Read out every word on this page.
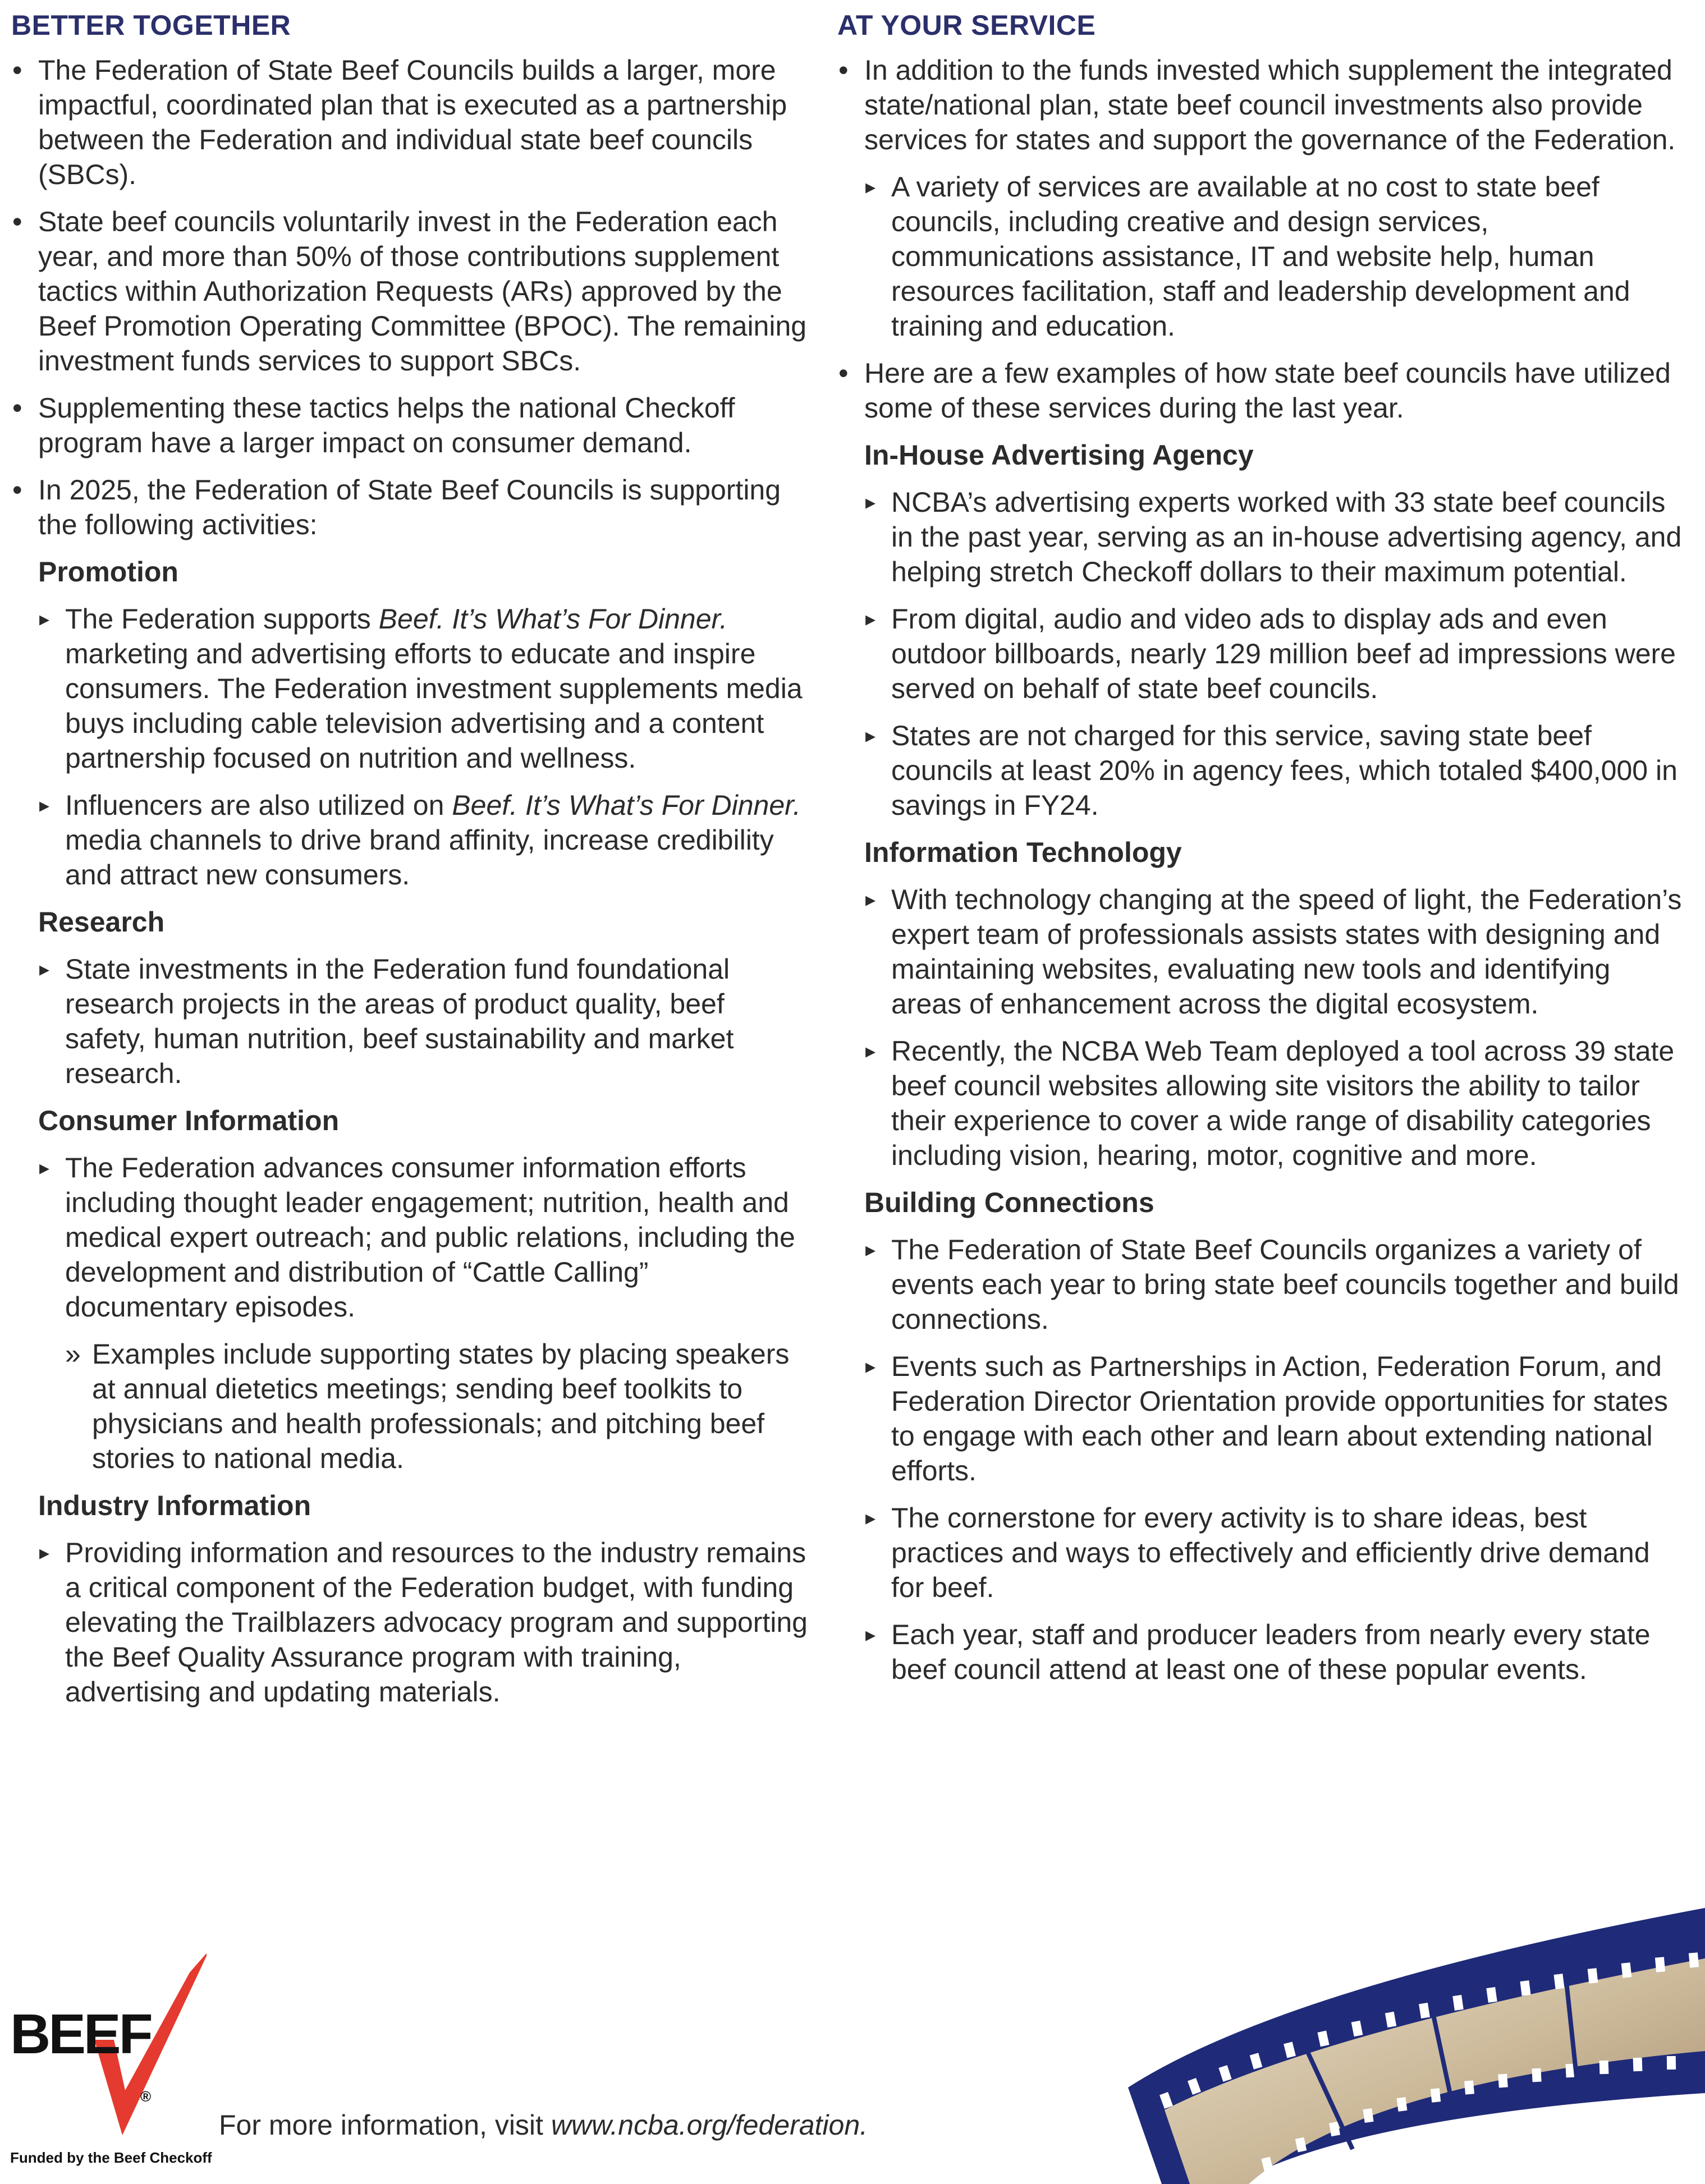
BETTER TOGETHER
• The Federation of State Beef Councils builds a larger, more impactful, coordinated plan that is executed as a partnership between the Federation and individual state beef councils (SBCs).
• State beef councils voluntarily invest in the Federation each year, and more than 50% of those contributions supplement tactics within Authorization Requests (ARs) approved by the Beef Promotion Operating Committee (BPOC). The remaining investment funds services to support SBCs.
• Supplementing these tactics helps the national Checkoff program have a larger impact on consumer demand.
• In 2025, the Federation of State Beef Councils is supporting the following activities:
Promotion
▸ The Federation supports Beef. It’s What’s For Dinner. marketing and advertising efforts to educate and inspire consumers. The Federation investment supplements media buys including cable television advertising and a content partnership focused on nutrition and wellness.
▸ Influencers are also utilized on Beef. It’s What’s For Dinner. media channels to drive brand affinity, increase credibility and attract new consumers.
Research
▸ State investments in the Federation fund foundational research projects in the areas of product quality, beef safety, human nutrition, beef sustainability and market research.
Consumer Information
▸ The Federation advances consumer information efforts including thought leader engagement; nutrition, health and medical expert outreach; and public relations, including the development and distribution of “Cattle Calling” documentary episodes.
» Examples include supporting states by placing speakers at annual dietetics meetings; sending beef toolkits to physicians and health professionals; and pitching beef stories to national media.
Industry Information
▸ Providing information and resources to the industry remains a critical component of the Federation budget, with funding elevating the Trailblazers advocacy program and supporting the Beef Quality Assurance program with training, advertising and updating materials.
AT YOUR SERVICE
• In addition to the funds invested which supplement the integrated state/national plan, state beef council investments also provide services for states and support the governance of the Federation.
▸ A variety of services are available at no cost to state beef councils, including creative and design services, communications assistance, IT and website help, human resources facilitation, staff and leadership development and training and education.
• Here are a few examples of how state beef councils have utilized some of these services during the last year.
In-House Advertising Agency
▸ NCBA’s advertising experts worked with 33 state beef councils in the past year, serving as an in-house advertising agency, and helping stretch Checkoff dollars to their maximum potential.
▸ From digital, audio and video ads to display ads and even outdoor billboards, nearly 129 million beef ad impressions were served on behalf of state beef councils.
▸ States are not charged for this service, saving state beef councils at least 20% in agency fees, which totaled $400,000 in savings in FY24.
Information Technology
▸ With technology changing at the speed of light, the Federation’s expert team of professionals assists states with designing and maintaining websites, evaluating new tools and identifying areas of enhancement across the digital ecosystem.
▸ Recently, the NCBA Web Team deployed a tool across 39 state beef council websites allowing site visitors the ability to tailor their experience to cover a wide range of disability categories including vision, hearing, motor, cognitive and more.
Building Connections
▸ The Federation of State Beef Councils organizes a variety of events each year to bring state beef councils together and build connections.
▸ Events such as Partnerships in Action, Federation Forum, and Federation Director Orientation provide opportunities for states to engage with each other and learn about extending national efforts.
▸ The cornerstone for every activity is to share ideas, best practices and ways to effectively and efficiently drive demand for beef.
▸ Each year, staff and producer leaders from nearly every state beef council attend at least one of these popular events.
BEEF
®
Funded by the Beef Checkoff
For more information, visit www.ncba.org/federation.
